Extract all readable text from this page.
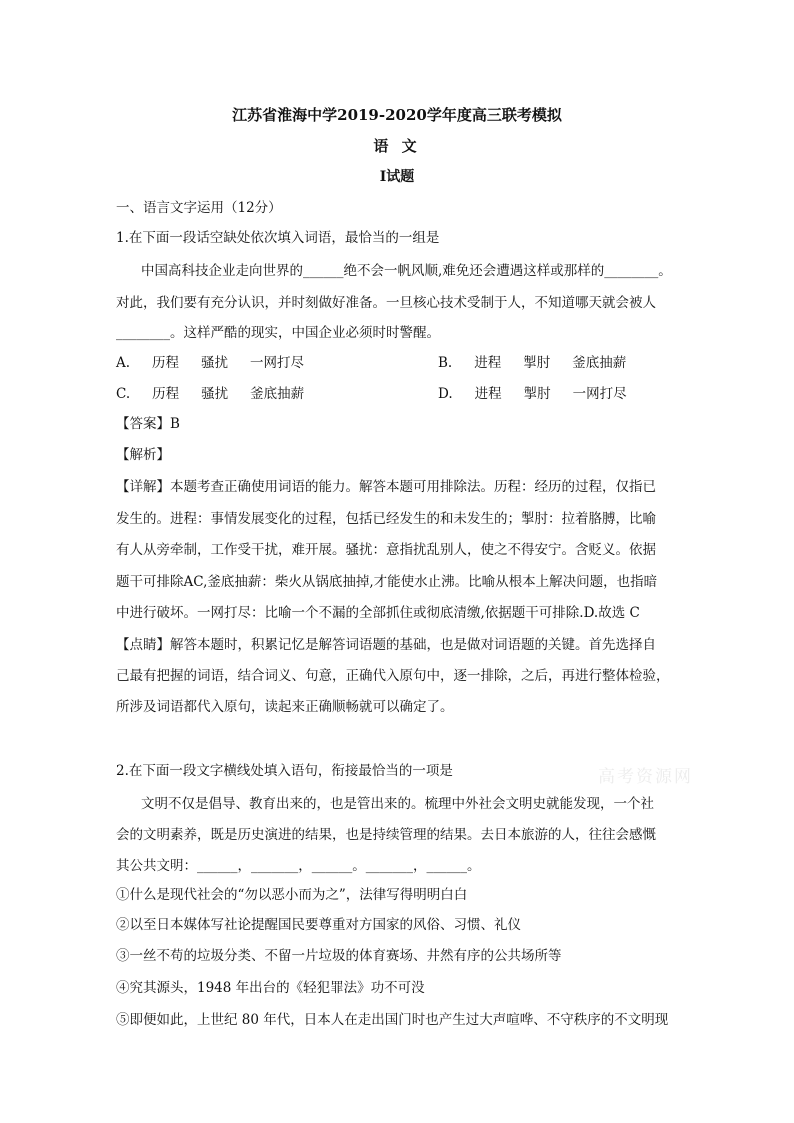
江苏省淮海中学2019-2020学年度高三联考模拟
语 文
Ⅰ试题
一、语言文字运用（12分）
1.在下面一段话空缺处依次填入词语，最恰当的一组是
中国高科技企业走向世界的______绝不会一帆风顺,难免还会遭遇这样或那样的________。
对此，我们要有充分认识，并时刻做好准备。一旦核心技术受制于人，不知道哪天就会被人
________。这样严酷的现实，中国企业必须时时警醒。
A. 历程 骚扰 一网打尽	B. 进程 掣肘 釜底抽薪
C. 历程 骚扰 釜底抽薪	D. 进程 掣肘 一网打尽
【答案】B
【解析】
【详解】本题考查正确使用词语的能力。解答本题可用排除法。历程：经历的过程，仅指已
发生的。进程：事情发展变化的过程，包括已经发生的和未发生的；掣肘：拉着胳膊，比喻
有人从旁牵制，工作受干扰，难开展。骚扰：意指扰乱别人，使之不得安宁。含贬义。依据
题干可排除AC,釜底抽薪：柴火从锅底抽掉,才能使水止沸。比喻从根本上解决问题，也指暗
中进行破坏。一网打尽：比喻一个不漏的全部抓住或彻底清缴,依据题干可排除.D.故选 C
【点睛】解答本题时，积累记忆是解答词语题的基础，也是做对词语题的关键。首先选择自
己最有把握的词语，结合词义、句意，正确代入原句中，逐一排除，之后，再进行整体检验，
所涉及词语都代入原句，读起来正确顺畅就可以确定了。
2.在下面一段文字横线处填入语句，衔接最恰当的一项是
文明不仅是倡导、教育出来的，也是管出来的。梳理中外社会文明史就能发现，一个社
会的文明素养，既是历史演进的结果，也是持续管理的结果。去日本旅游的人，往往会感慨
其公共文明：______，_______，______。_______，______。
①什么是现代社会的“勿以恶小而为之”，法律写得明明白白
②以至日本媒体写社论提醒国民要尊重对方国家的风俗、习惯、礼仪
③一丝不苟的垃圾分类、不留一片垃圾的体育赛场、井然有序的公共场所等
④究其源头，1948 年出台的《轻犯罪法》功不可没
⑤即便如此，上世纪 80 年代，日本人在走出国门时也产生过大声喧哗、不守秩序的不文明现
高考资源网
